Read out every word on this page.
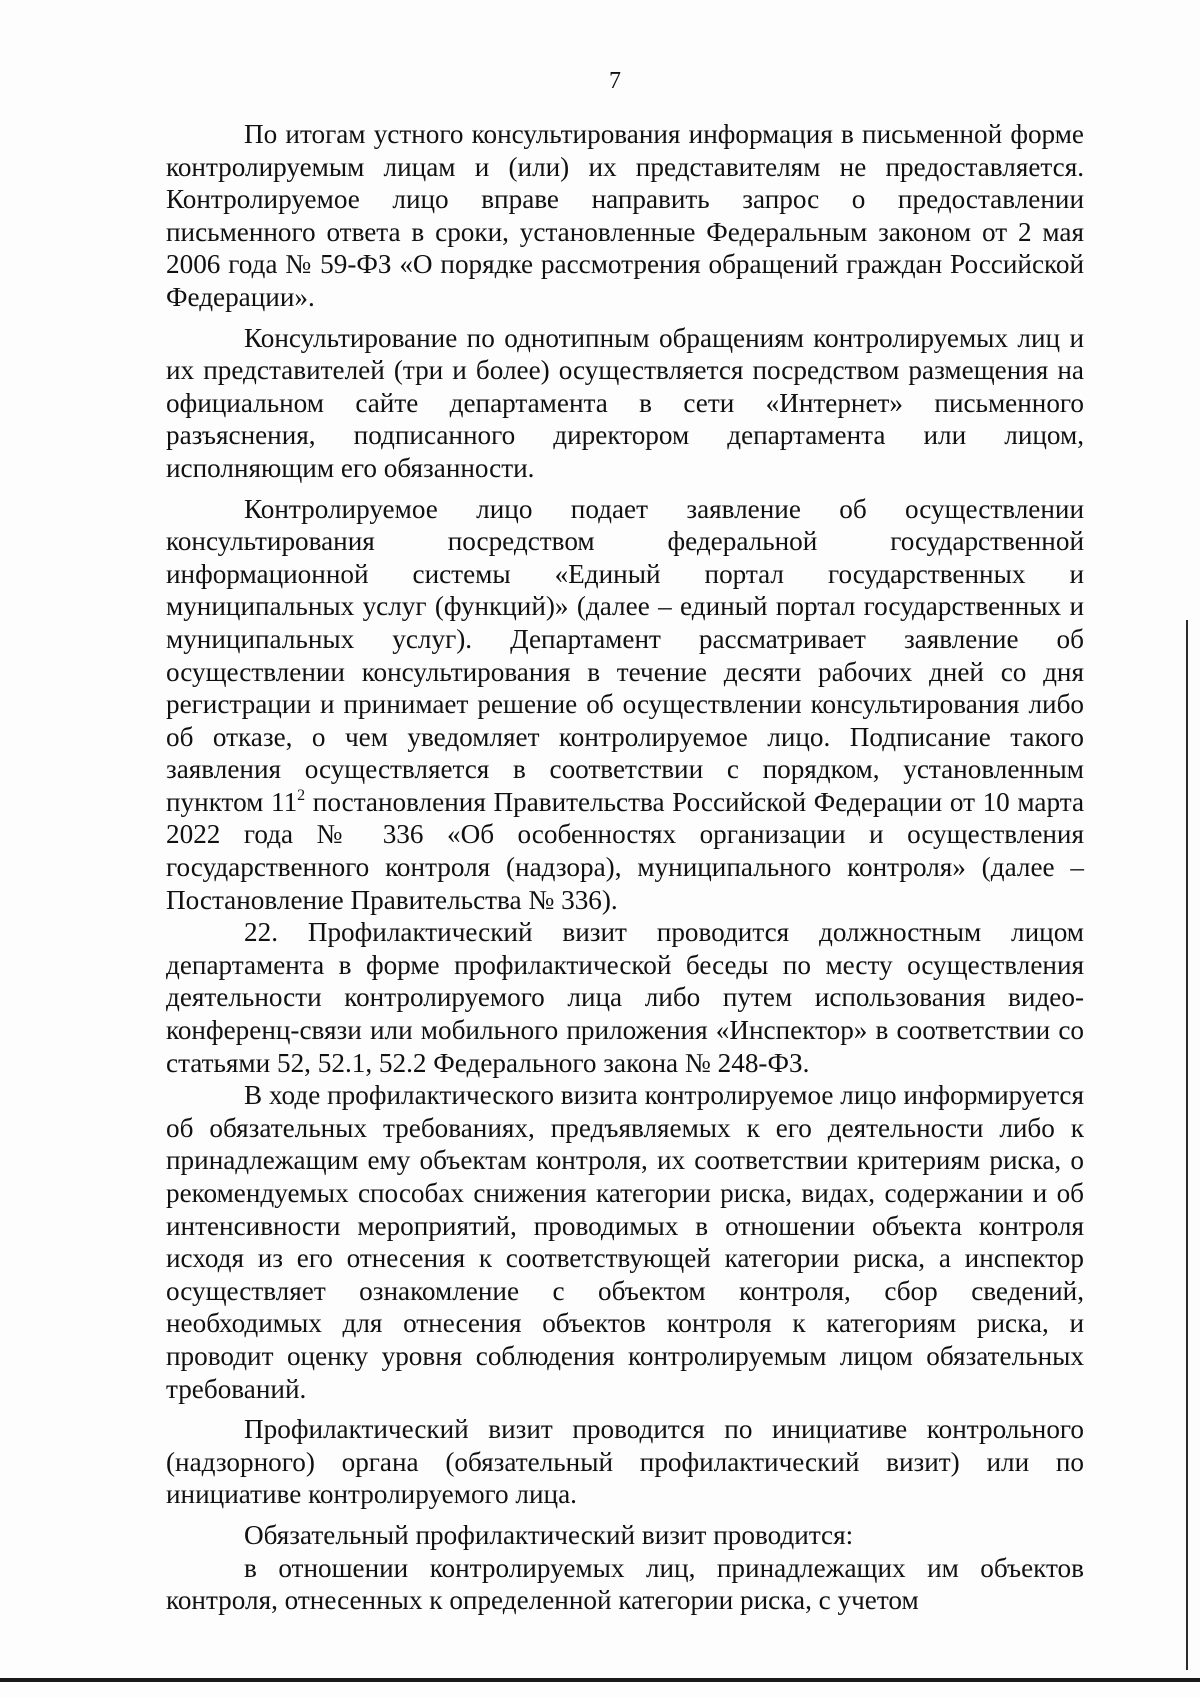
7

По итогам устного консультирования информация в письменной форме контролируемым лицам и (или) их представителям не предоставляется. Контролируемое лицо вправе направить запрос о предоставлении письменного ответа в сроки, установленные Федеральным законом от 2 мая 2006 года № 59-ФЗ «О порядке рассмотрения обращений граждан Российской Федерации».

Консультирование по однотипным обращениям контролируемых лиц и их представителей (три и более) осуществляется посредством размещения на официальном сайте департамента в сети «Интернет» письменного разъяснения, подписанного директором департамента или лицом, исполняющим его обязанности.

Контролируемое лицо подает заявление об осуществлении консультирования посредством федеральной государственной информационной системы «Единый портал государственных и муниципальных услуг (функций)» (далее – единый портал государственных и муниципальных услуг). Департамент рассматривает заявление об осуществлении консультирования в течение десяти рабочих дней со дня регистрации и принимает решение об осуществлении консультирования либо об отказе, о чем уведомляет контролируемое лицо. Подписание такого заявления осуществляется в соответствии с порядком, установленным пунктом $11^2$ постановления Правительства Российской Федерации от 10 марта 2022 года № 336 «Об особенностях организации и осуществления государственного контроля (надзора), муниципального контроля» (далее – Постановление Правительства № 336).

22. Профилактический визит проводится должностным лицом департамента в форме профилактической беседы по месту осуществления деятельности контролируемого лица либо путем использования видео-конференц-связи или мобильного приложения «Инспектор» в соответствии со статьями 52, 52.1, 52.2 Федерального закона № 248-ФЗ.

В ходе профилактического визита контролируемое лицо информируется об обязательных требованиях, предъявляемых к его деятельности либо к принадлежащим ему объектам контроля, их соответствии критериям риска, о рекомендуемых способах снижения категории риска, видах, содержании и об интенсивности мероприятий, проводимых в отношении объекта контроля исходя из его отнесения к соответствующей категории риска, а инспектор осуществляет ознакомление с объектом контроля, сбор сведений, необходимых для отнесения объектов контроля к категориям риска, и проводит оценку уровня соблюдения контролируемым лицом обязательных требований.

Профилактический визит проводится по инициативе контрольного (надзорного) органа (обязательный профилактический визит) или по инициативе контролируемого лица.

Обязательный профилактический визит проводится:

в отношении контролируемых лиц, принадлежащих им объектов контроля, отнесенных к определенной категории риска, с учетом
